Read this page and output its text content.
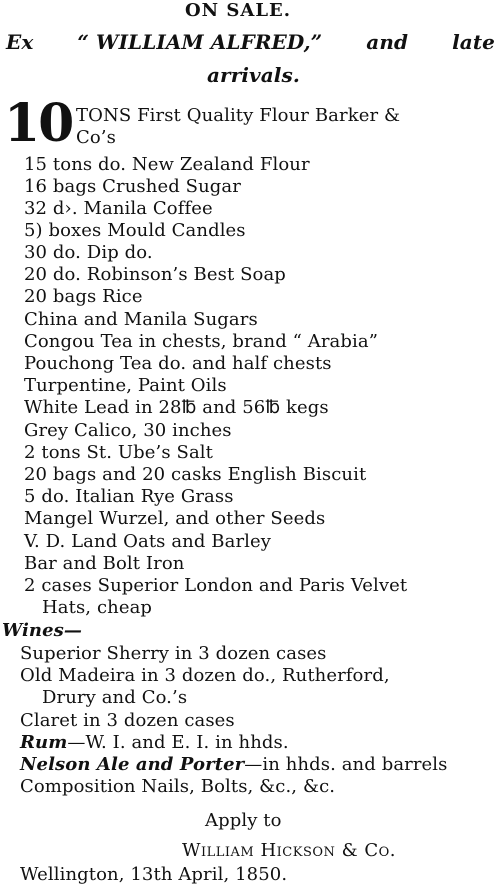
ON SALE.
Ex “ WILLIAM ALFRED,” and late
arrivals.
10 TONS First Quality Flour Barker &
Co’s
15 tons do. New Zealand Flour
16 bags Crushed Sugar
32 d›. Manila Coffee
5) boxes Mould Candles
30 do. Dip do.
20 do. Robinson’s Best Soap
20 bags Rice
China and Manila Sugars
Congou Tea in chests, brand “ Arabia”
Pouchong Tea do. and half chests
Turpentine, Paint Oils
White Lead in 28℔ and 56℔ kegs
Grey Calico, 30 inches
2 tons St. Ube’s Salt
20 bags and 20 casks English Biscuit
5 do. Italian Rye Grass
Mangel Wurzel, and other Seeds
V. D. Land Oats and Barley
Bar and Bolt Iron
2 cases Superior London and Paris Velvet
Hats, cheap
Wines—
Superior Sherry in 3 dozen cases
Old Madeira in 3 dozen do., Rutherford,
Drury and Co.’s
Claret in 3 dozen cases
Rum—W. I. and E. I. in hhds.
Nelson Ale and Porter—in hhds. and barrels
Composition Nails, Bolts, &c., &c.
Apply to
William Hickson & Co.
Wellington, 13th April, 1850.
